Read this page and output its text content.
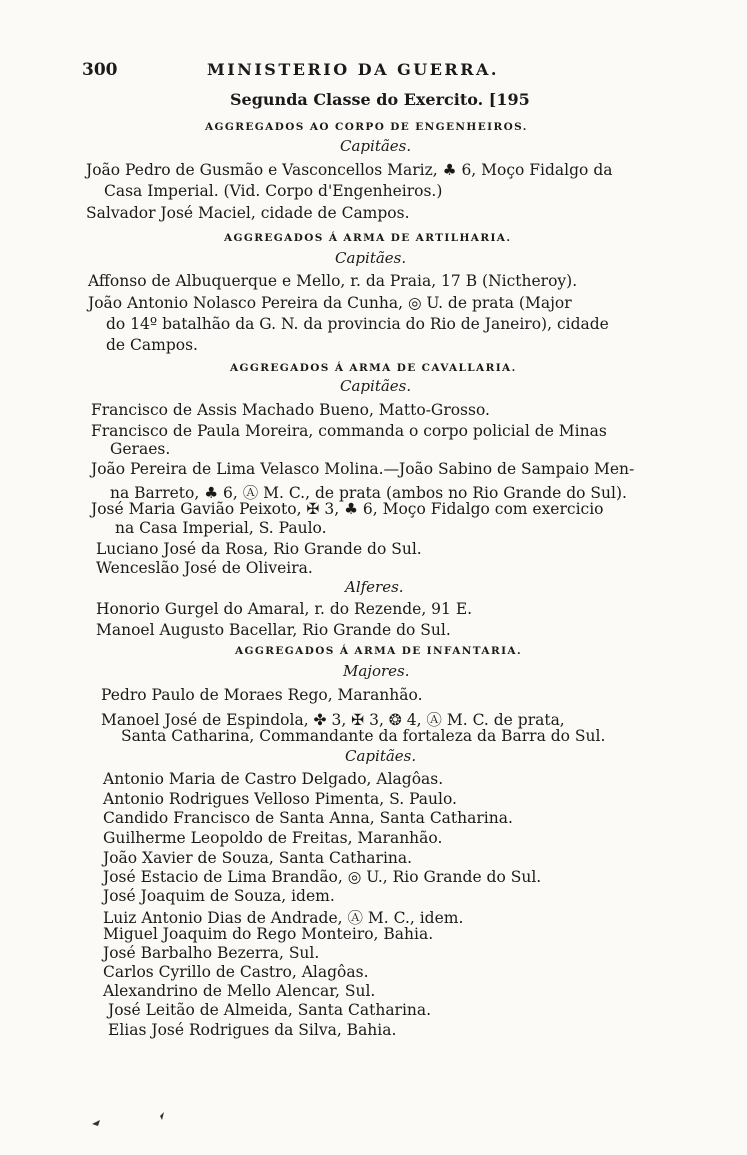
300	MINISTERIO DA GUERRA.
Segunda Classe do Exercito. [195
AGGREGADOS AO CORPO DE ENGENHEIROS.
Capitães.
João Pedro de Gusmão e Vasconcellos Mariz, ♣ 6, Moço Fidalgo da
Casa Imperial. (Vid. Corpo d'Engenheiros.)
Salvador José Maciel, cidade de Campos.
AGGREGADOS Á ARMA DE ARTILHARIA.
Capitães.
Affonso de Albuquerque e Mello, r. da Praia, 17 B (Nictheroy).
João Antonio Nolasco Pereira da Cunha, ◎ U. de prata (Major
do 14º batalhão da G. N. da provincia do Rio de Janeiro), cidade
de Campos.
AGGREGADOS Á ARMA DE CAVALLARIA.
Capitães.
Francisco de Assis Machado Bueno, Matto-Grosso.
Francisco de Paula Moreira, commanda o corpo policial de Minas
Geraes.
João Pereira de Lima Velasco Molina.—João Sabino de Sampaio Men-
na Barreto, ♣ 6, Ⓐ M. C., de prata (ambos no Rio Grande do Sul).
José Maria Gavião Peixoto, ✠ 3, ♣ 6, Moço Fidalgo com exercicio
na Casa Imperial, S. Paulo.
Luciano José da Rosa, Rio Grande do Sul.
Wenceslão José de Oliveira.
Alferes.
Honorio Gurgel do Amaral, r. do Rezende, 91 E.
Manoel Augusto Bacellar, Rio Grande do Sul.
AGGREGADOS Á ARMA DE INFANTARIA.
Majores.
Pedro Paulo de Moraes Rego, Maranhão.
Manoel José de Espindola, ✤ 3, ✠ 3, ❂ 4, Ⓐ M. C. de prata,
Santa Catharina, Commandante da fortaleza da Barra do Sul.
Capitães.
Antonio Maria de Castro Delgado, Alagôas.
Antonio Rodrigues Velloso Pimenta, S. Paulo.
Candido Francisco de Santa Anna, Santa Catharina.
Guilherme Leopoldo de Freitas, Maranhão.
João Xavier de Souza, Santa Catharina.
José Estacio de Lima Brandão, ◎ U., Rio Grande do Sul.
José Joaquim de Souza, idem.
Luiz Antonio Dias de Andrade, Ⓐ M. C., idem.
Miguel Joaquim do Rego Monteiro, Bahia.
José Barbalho Bezerra, Sul.
Carlos Cyrillo de Castro, Alagôas.
Alexandrino de Mello Alencar, Sul.
José Leitão de Almeida, Santa Catharina.
Elias José Rodrigues da Silva, Bahia.
